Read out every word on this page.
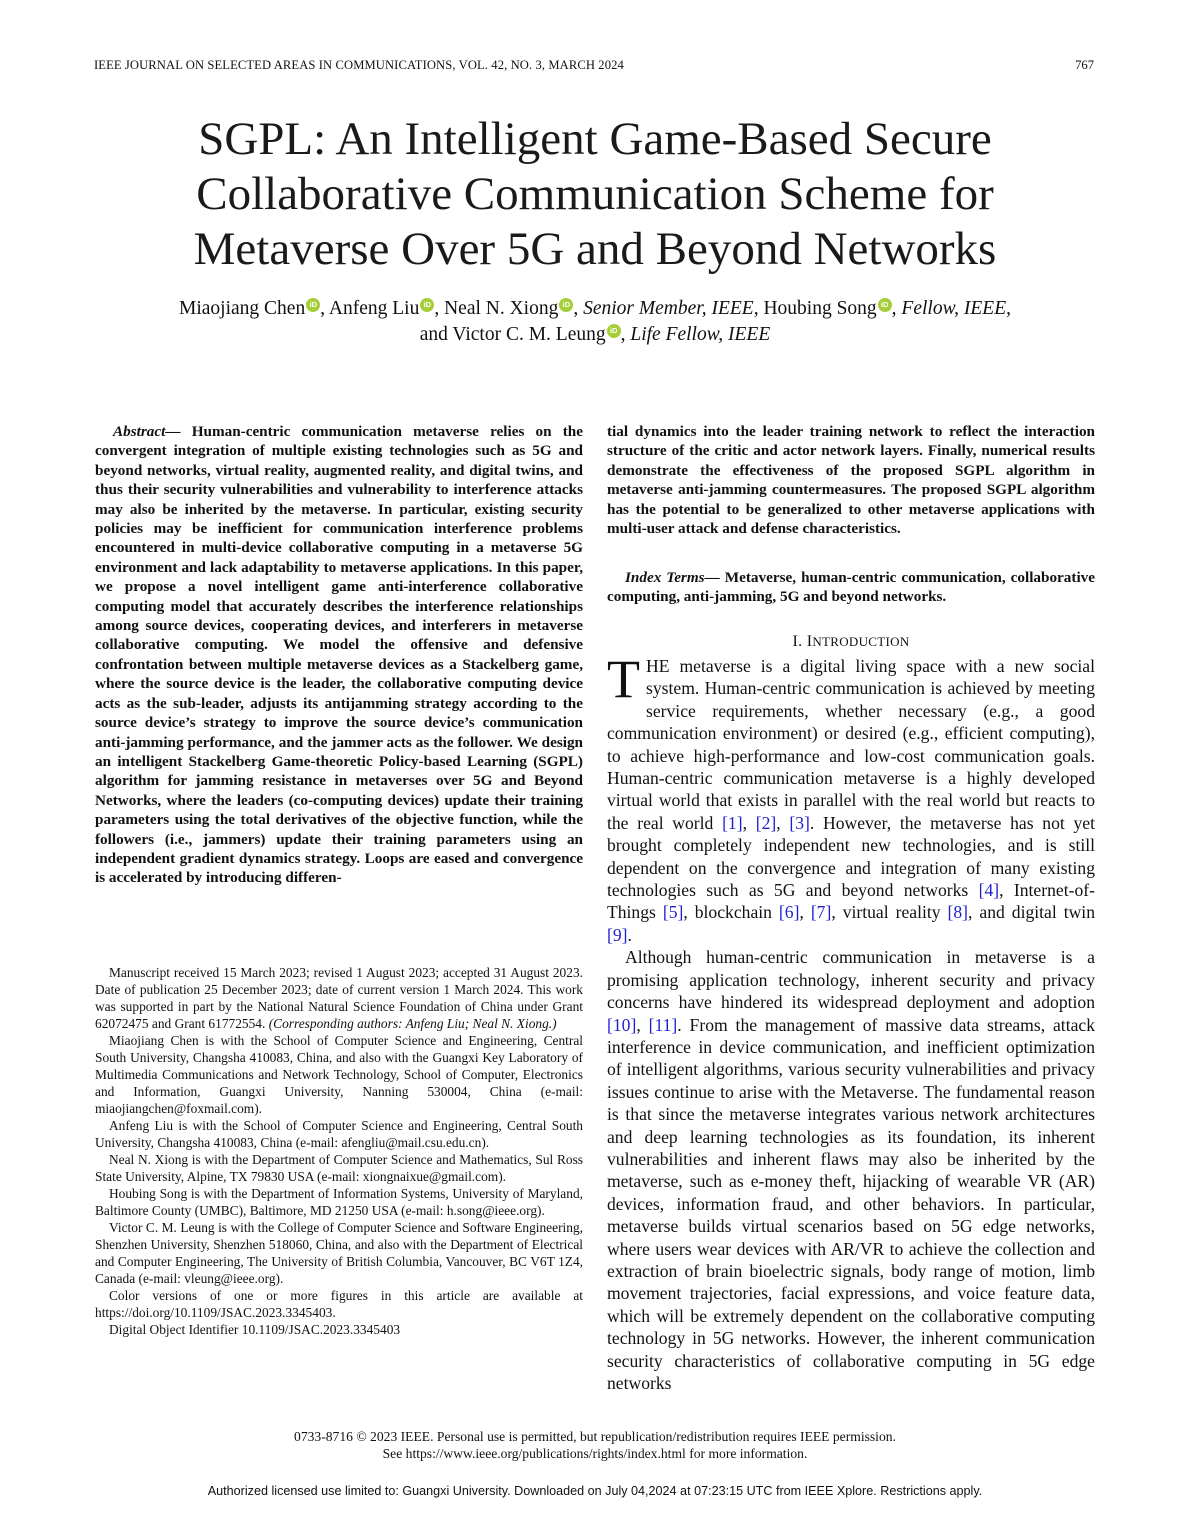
IEEE JOURNAL ON SELECTED AREAS IN COMMUNICATIONS, VOL. 42, NO. 3, MARCH 2024	767
SGPL: An Intelligent Game-Based Secure
Collaborative Communication Scheme for
Metaverse Over 5G and Beyond Networks
Miaojiang Chen iD , Anfeng Liu iD , Neal N. Xiong iD , Senior Member, IEEE, Houbing Song iD , Fellow, IEEE,
and Victor C. M. Leung iD , Life Fellow, IEEE
Abstract— Human-centric communication metaverse relies on the convergent integration of multiple existing technologies such as 5G and beyond networks, virtual reality, augmented reality, and digital twins, and thus their security vulnerabilities and vulnerability to interference attacks may also be inherited by the metaverse. In particular, existing security policies may be inefficient for communication interference problems encountered in multi-device collaborative computing in a metaverse 5G environment and lack adaptability to metaverse applications. In this paper, we propose a novel intelligent game anti-interference collaborative computing model that accurately describes the interference relationships among source devices, cooperating devices, and interferers in metaverse collaborative computing. We model the offensive and defensive confrontation between multiple metaverse devices as a Stackelberg game, where the source device is the leader, the collaborative computing device acts as the sub-leader, adjusts its antijamming strategy according to the source device’s strategy to improve the source device’s communication anti-jamming performance, and the jammer acts as the follower. We design an intelligent Stackelberg Game-theoretic Policy-based Learning (SGPL) algorithm for jamming resistance in metaverses over 5G and Beyond Networks, where the leaders (co-computing devices) update their training parameters using the total derivatives of the objective function, while the followers (i.e., jammers) update their training parameters using an independent gradient dynamics strategy. Loops are eased and convergence is accelerated by introducing differen-

Manuscript received 15 March 2023; revised 1 August 2023; accepted 31 August 2023. Date of publication 25 December 2023; date of current version 1 March 2024. This work was supported in part by the National Natural Science Foundation of China under Grant 62072475 and Grant 61772554. (Corresponding authors: Anfeng Liu; Neal N. Xiong.)

Miaojiang Chen is with the School of Computer Science and Engineering, Central South University, Changsha 410083, China, and also with the Guangxi Key Laboratory of Multimedia Communications and Network Technology, School of Computer, Electronics and Information, Guangxi University, Nanning 530004, China (e-mail: miaojiangchen@foxmail.com).

Anfeng Liu is with the School of Computer Science and Engineering, Central South University, Changsha 410083, China (e-mail: afengliu@mail.csu.edu.cn).

Neal N. Xiong is with the Department of Computer Science and Mathematics, Sul Ross State University, Alpine, TX 79830 USA (e-mail: xiongnaixue@gmail.com).

Houbing Song is with the Department of Information Systems, University of Maryland, Baltimore County (UMBC), Baltimore, MD 21250 USA (e-mail: h.song@ieee.org).

Victor C. M. Leung is with the College of Computer Science and Software Engineering, Shenzhen University, Shenzhen 518060, China, and also with the Department of Electrical and Computer Engineering, The University of British Columbia, Vancouver, BC V6T 1Z4, Canada (e-mail: vleung@ieee.org).

Color versions of one or more figures in this article are available at https://doi.org/10.1109/JSAC.2023.3345403.

Digital Object Identifier 10.1109/JSAC.2023.3345403

tial dynamics into the leader training network to reflect the interaction structure of the critic and actor network layers. Finally, numerical results demonstrate the effectiveness of the proposed SGPL algorithm in metaverse anti-jamming countermeasures. The proposed SGPL algorithm has the potential to be generalized to other metaverse applications with multi-user attack and defense characteristics.
Index Terms— Metaverse, human-centric communication, collaborative computing, anti-jamming, 5G and beyond networks.
I. INTRODUCTION

THE metaverse is a digital living space with a new social system. Human-centric communication is achieved by meeting service requirements, whether necessary (e.g., a good communication environment) or desired (e.g., efficient computing), to achieve high-performance and low-cost communication goals. Human-centric communication metaverse is a highly developed virtual world that exists in parallel with the real world but reacts to the real world [1], [2], [3]. However, the metaverse has not yet brought completely independent new technologies, and is still dependent on the convergence and integration of many existing technologies such as 5G and beyond networks [4], Internet-of-Things [5], blockchain [6], [7], virtual reality [8], and digital twin [9].

Although human-centric communication in metaverse is a promising application technology, inherent security and privacy concerns have hindered its widespread deployment and adoption [10], [11]. From the management of massive data streams, attack interference in device communication, and inefficient optimization of intelligent algorithms, various security vulnerabilities and privacy issues continue to arise with the Metaverse. The fundamental reason is that since the metaverse integrates various network architectures and deep learning technologies as its foundation, its inherent vulnerabilities and inherent flaws may also be inherited by the metaverse, such as e-money theft, hijacking of wearable VR (AR) devices, information fraud, and other behaviors. In particular, metaverse builds virtual scenarios based on 5G edge networks, where users wear devices with AR/VR to achieve the collection and extraction of brain bioelectric signals, body range of motion, limb movement trajectories, facial expressions, and voice feature data, which will be extremely dependent on the collaborative computing technology in 5G networks. However, the inherent communication security characteristics of collaborative computing in 5G edge networks

0733-8716 © 2023 IEEE. Personal use is permitted, but republication/redistribution requires IEEE permission.
See https://www.ieee.org/publications/rights/index.html for more information.
Authorized licensed use limited to: Guangxi University. Downloaded on July 04,2024 at 07:23:15 UTC from IEEE Xplore. Restrictions apply.
